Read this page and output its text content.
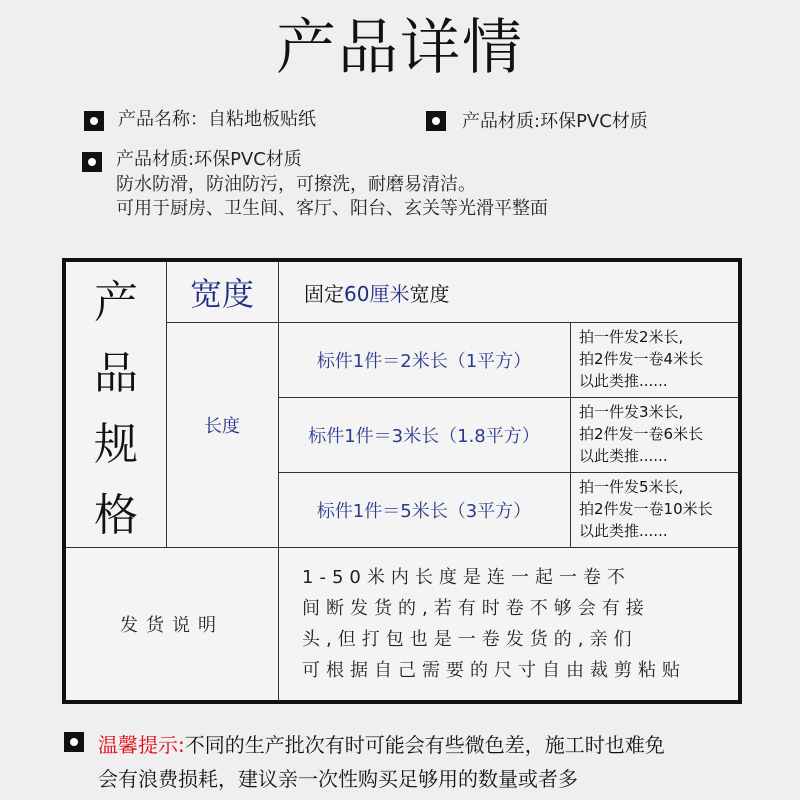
产品详情
产品名称：自粘地板贴纸	产品材质:环保PVC材质
产品材质:环保PVC材质
防水防滑，防油防污，可擦洗，耐磨易清洁。
可用于厨房、卫生间、客厅、阳台、玄关等光滑平整面
产
品
规
格
宽度	固定 60厘米 宽度
长度
标件1件＝2米长（1平方）
拍一件发2米长,
拍2件发一卷4米长
以此类推......
标件1件＝3米长（1.8平方）
拍一件发3米长,
拍2件发一卷6米长
以此类推......
标件1件＝5米长（3平方）
拍一件发5米长,
拍2件发一卷10米长
以此类推......
发货说明
1-50米内长度是连一起一卷不
间断发货的,若有时卷不够会有接
头,但打包也是一卷发货的,亲们
可根据自己需要的尺寸自由裁剪粘贴
温馨提示:不同的生产批次有时可能会有些微色差，施工时也难免
会有浪费损耗，建议亲一次性购买足够用的数量或者多
